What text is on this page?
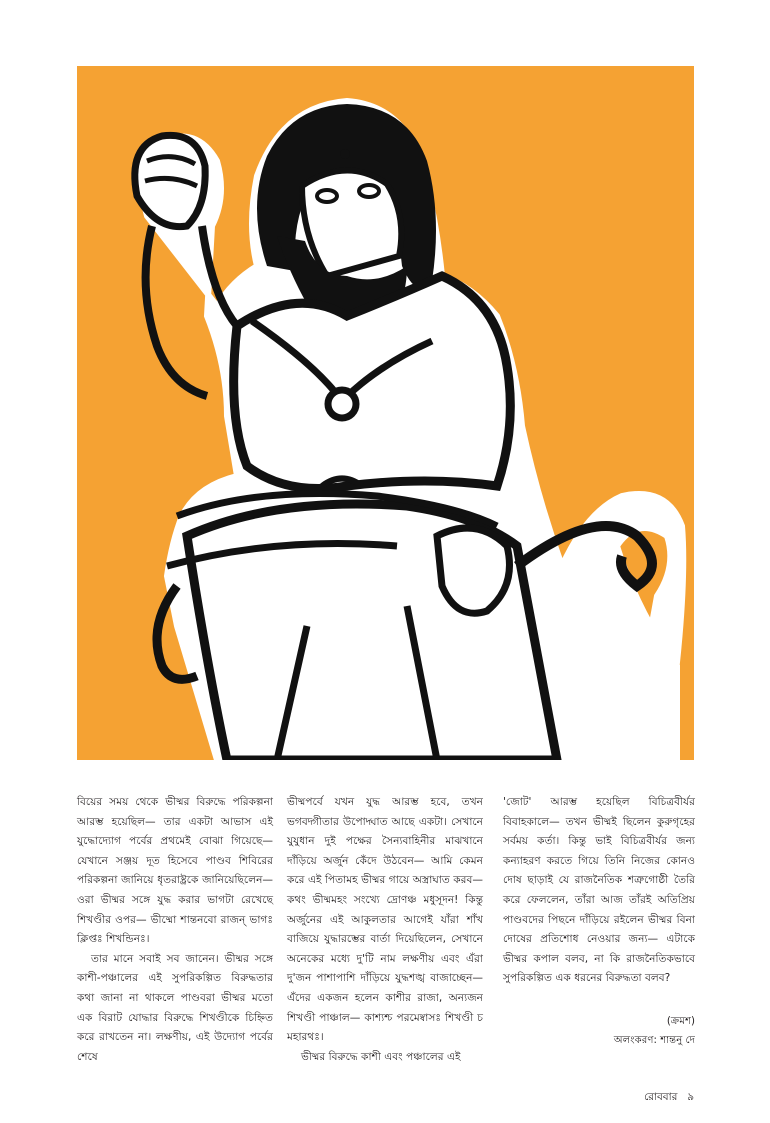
বিয়ের সময় থেকে ভীষ্মর বিরুদ্ধে পরিকল্পনা আরম্ভ হয়েছিল— তার একটা আভাস এই যুদ্ধোদ্যোগ পর্বের প্রথমেই বোঝা গিয়েছে— যেখানে সঞ্জয় দূত হিসেবে পাণ্ডব শিবিরের পরিকল্পনা জানিয়ে ধৃতরাষ্ট্রকে জানিয়েছিলেন— ওরা ভীষ্মর সঙ্গে যুদ্ধ করার ভাগটা রেখেছে শিখণ্ডীর ওপর— ভীষ্মো শান্তনবো রাজন্ ভাগঃ ক্লিপ্তঃ শিখন্ডিনঃ।

তার মানে সবাই সব জানেন। ভীষ্মর সঙ্গে কাশী-পঞ্চালের এই সুপরিকল্পিত বিরুদ্ধতার কথা জানা না থাকলে পাণ্ডবরা ভীষ্মর মতো এক বিরাট যোদ্ধার বিরুদ্ধে শিখণ্ডীকে চিহ্নিত করে রাখতেন না। লক্ষণীয়, এই উদ্যোগ পর্বের শেষে

ভীষ্মপর্বে যখন যুদ্ধ আরম্ভ হবে, তখন ভগবদ্গীতার উপোদ্ঘাত আছে একটা। সেখানে যুযুধান দুই পক্ষের সৈন্যবাহিনীর মাঝখানে দাঁড়িয়ে অর্জুন কেঁদে উঠবেন— আমি কেমন করে এই পিতামহ ভীষ্মর গায়ে অস্ত্রাঘাত করব— কথং ভীষ্মমহং সংখ্যে দ্রোণঞ্চ মধুসূদন! কিন্তু অর্জুনের এই আকুলতার আগেই যাঁরা শাঁখ বাজিয়ে যুদ্ধারম্ভের বার্তা দিয়েছিলেন, সেখানে অনেকের মধ্যে দু'টি নাম লক্ষণীয় এবং এঁরা দু'জন পাশাপাশি দাঁড়িয়ে যুদ্ধশঙ্খ বাজাচ্ছেন— এঁদের একজন হলেন কাশীর রাজা, অন্যজন শিখণ্ডী পাঞ্চাল— কাশ্যশ্চ পরমেষ্বাসঃ শিখণ্ডী চ মহারথঃ।

ভীষ্মর বিরুদ্ধে কাশী এবং পঞ্চালের এই

'জোট' আরম্ভ হয়েছিল বিচিত্রবীর্যর বিবাহকালে— তখন ভীষ্মই ছিলেন কুরুগৃহের সর্বময় কর্তা। কিন্তু ভাই বিচিত্রবীর্যর জন্য কন্যাহরণ করতে গিয়ে তিনি নিজের কোনও দোষ ছাড়াই যে রাজনৈতিক শত্রুগোষ্ঠী তৈরি করে ফেললেন, তাঁরা আজ তাঁরই অতিপ্রিয় পাণ্ডবদের পিছনে দাঁড়িয়ে রইলেন ভীষ্মর বিনা দোষের প্রতিশোধ নেওয়ার জন্য— এটাকে ভীষ্মর কপাল বলব, না কি রাজনৈতিকভাবে সুপরিকল্পিত এক ধরনের বিরুদ্ধতা বলব?

(ক্রমশ)
অলংকরণ: শান্তনু দে
রোববার ৯
